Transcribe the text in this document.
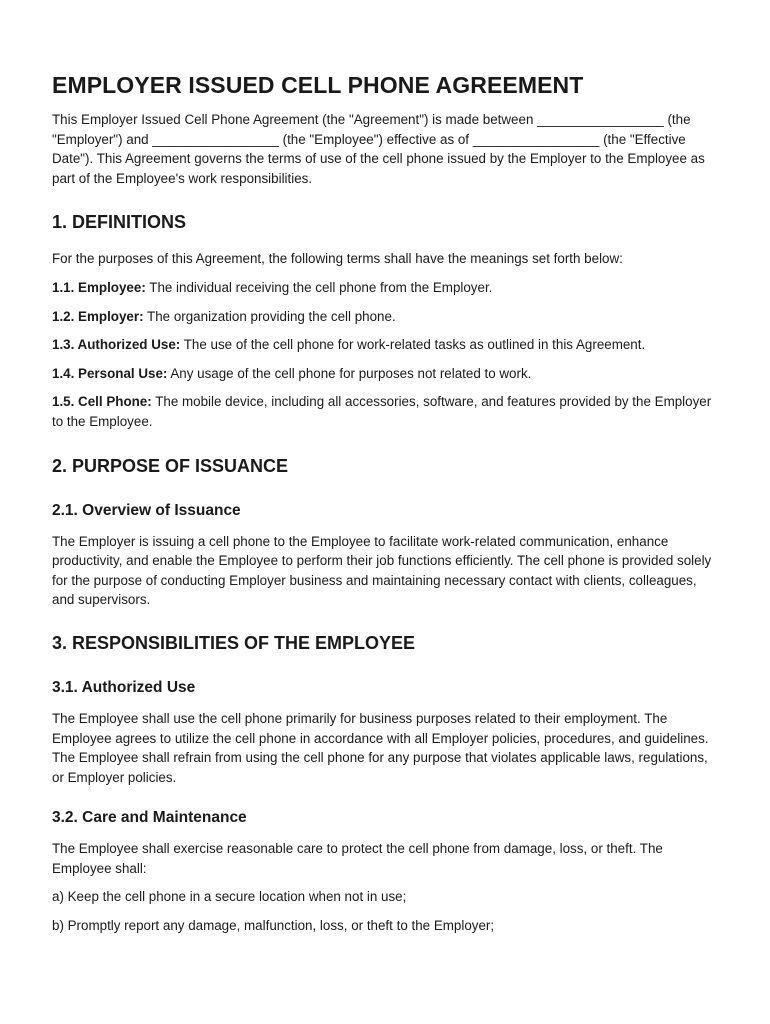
EMPLOYER ISSUED CELL PHONE AGREEMENT

This Employer Issued Cell Phone Agreement (the "Agreement") is made between _________________ (the "Employer") and _________________ (the "Employee") effective as of _________________ (the "Effective Date"). This Agreement governs the terms of use of the cell phone issued by the Employer to the Employee as part of the Employee's work responsibilities.

1. DEFINITIONS

For the purposes of this Agreement, the following terms shall have the meanings set forth below:

1.1. Employee: The individual receiving the cell phone from the Employer.

1.2. Employer: The organization providing the cell phone.

1.3. Authorized Use: The use of the cell phone for work-related tasks as outlined in this Agreement.

1.4. Personal Use: Any usage of the cell phone for purposes not related to work.

1.5. Cell Phone: The mobile device, including all accessories, software, and features provided by the Employer to the Employee.

2. PURPOSE OF ISSUANCE
2.1. Overview of Issuance

The Employer is issuing a cell phone to the Employee to facilitate work-related communication, enhance productivity, and enable the Employee to perform their job functions efficiently. The cell phone is provided solely for the purpose of conducting Employer business and maintaining necessary contact with clients, colleagues, and supervisors.

3. RESPONSIBILITIES OF THE EMPLOYEE
3.1. Authorized Use

The Employee shall use the cell phone primarily for business purposes related to their employment. The Employee agrees to utilize the cell phone in accordance with all Employer policies, procedures, and guidelines. The Employee shall refrain from using the cell phone for any purpose that violates applicable laws, regulations, or Employer policies.

3.2. Care and Maintenance

The Employee shall exercise reasonable care to protect the cell phone from damage, loss, or theft. The Employee shall:

a) Keep the cell phone in a secure location when not in use;

b) Promptly report any damage, malfunction, loss, or theft to the Employer;
